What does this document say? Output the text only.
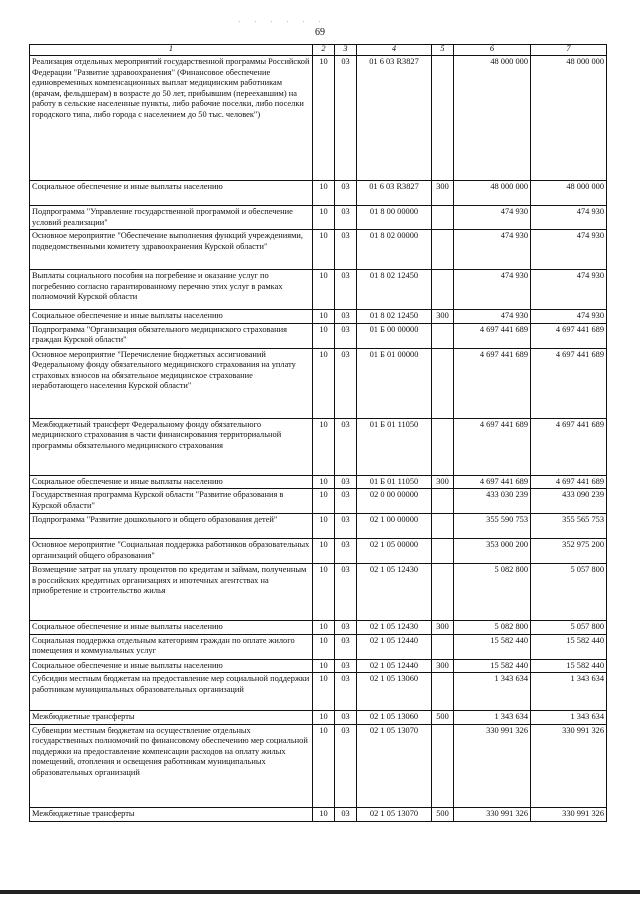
· · · · · ·
69
1	2	3	4	5	6	7
Реализация отдельных мероприятий государственной программы Российской Федерации "Развитие здравоохранения" (Финансовое обеспечение единовременных компенсационных выплат медицинским работникам (врачам, фельдшерам) в возрасте до 50 лет, прибывшим (переехавшим) на работу в сельские населенные пункты, либо рабочие поселки, либо поселки городского типа, либо города с населением до 50 тыс. человек")	10	03	01 6 03 R3827		48 000 000	48 000 000
Социальное обеспечение и иные выплаты населению	10	03	01 6 03 R3827	300	48 000 000	48 000 000
Подпрограмма "Управление государственной программой и обеспечение условий реализации"	10	03	01 8 00 00000		474 930	474 930
Основное мероприятие "Обеспечение выполнения функций учреждениями, подведомственными комитету здравоохранения Курской области"	10	03	01 8 02 00000		474 930	474 930
Выплаты социального пособия на погребение и оказание услуг по погребению согласно гарантированному перечню этих услуг в рамках полномочий Курской области	10	03	01 8 02 12450		474 930	474 930
Социальное обеспечение и иные выплаты населению	10	03	01 8 02 12450	300	474 930	474 930
Подпрограмма "Организация обязательного медицинского страхования граждан Курской области"	10	03	01 Б 00 00000		4 697 441 689	4 697 441 689
Основное мероприятие "Перечисление бюджетных ассигнований Федеральному фонду обязательного медицинского страхования на уплату страховых взносов на обязательное медицинское страхование неработающего населения Курской области"	10	03	01 Б 01 00000		4 697 441 689	4 697 441 689
Межбюджетный трансферт Федеральному фонду обязательного медицинского страхования в части финансирования территориальной программы обязательного медицинского страхования	10	03	01 Б 01 11050		4 697 441 689	4 697 441 689
Социальное обеспечение и иные выплаты населению	10	03	01 Б 01 11050	300	4 697 441 689	4 697 441 689
Государственная программа Курской области "Развитие образования в Курской области"	10	03	02 0 00 00000		433 030 239	433 090 239
Подпрограмма "Развитие дошкольного и общего образования детей"	10	03	02 1 00 00000		355 590 753	355 565 753
Основное мероприятие "Социальная поддержка работников образовательных организаций общего образования"	10	03	02 1 05 00000		353 000 200	352 975 200
Возмещение затрат на уплату процентов по кредитам и займам, полученным в российских кредитных организациях и ипотечных агентствах на приобретение и строительство жилья	10	03	02 1 05 12430		5 082 800	5 057 800
Социальное обеспечение и иные выплаты населению	10	03	02 1 05 12430	300	5 082 800	5 057 800
Социальная поддержка отдельным категориям граждан по оплате жилого помещения и коммунальных услуг	10	03	02 1 05 12440		15 582 440	15 582 440
Социальное обеспечение и иные выплаты населению	10	03	02 1 05 12440	300	15 582 440	15 582 440
Субсидии местным бюджетам на предоставление мер социальной поддержки работникам муниципальных образовательных организаций	10	03	02 1 05 13060		1 343 634	1 343 634
Межбюджетные трансферты	10	03	02 1 05 13060	500	1 343 634	1 343 634
Субвенции местным бюджетам на осуществление отдельных государственных полномочий по финансовому обеспечению мер социальной поддержки на предоставление компенсации расходов на оплату жилых помещений, отопления и освещения работникам муниципальных образовательных организаций	10	03	02 1 05 13070		330 991 326	330 991 326
Межбюджетные трансферты	10	03	02 1 05 13070	500	330 991 326	330 991 326
